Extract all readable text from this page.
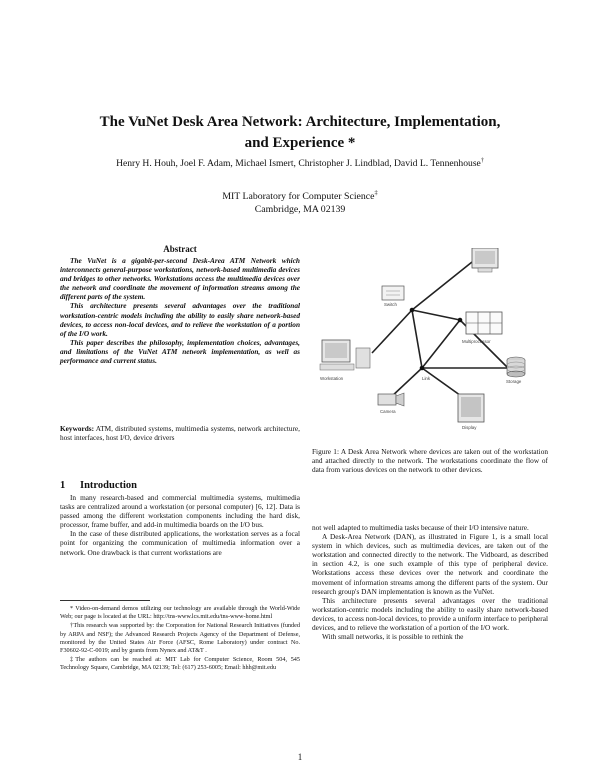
The VuNet Desk Area Network: Architecture, Implementation,
and Experience *
Henry H. Houh, Joel F. Adam, Michael Ismert, Christopher J. Lindblad, David L. Tennenhouse†
MIT Laboratory for Computer Science‡
Cambridge, MA 02139
Abstract

The VuNet is a gigabit-per-second Desk-Area ATM Network which interconnects general-purpose workstations, network-based multimedia devices and bridges to other networks. Workstations access the multimedia devices over the network and coordinate the movement of information streams among the different parts of the system.

This architecture presents several advantages over the traditional workstation-centric models including the ability to easily share network-based devices, to access non-local devices, and to relieve the workstation of a portion of the I/O work.

This paper describes the philosophy, implementation choices, advantages, and limitations of the VuNet ATM network implementation, as well as performance and current status.

Keywords: ATM, distributed systems, multimedia systems, network architecture, host interfaces, host I/O, device drivers
1 Introduction

In many research-based and commercial multimedia systems, multimedia tasks are centralized around a workstation (or personal computer) [6, 12]. Data is passed among the different workstation components including the hard disk, processor, frame buffer, and add-in multimedia boards on the I/O bus.

In the case of these distributed applications, the workstation serves as a focal point for organizing the communication of multimedia information over a network. One drawback is that current workstations are

* Video-on-demand demos utilizing our technology are available through the World-Wide Web; our page is located at the URL: http://tns-www.lcs.mit.edu/tns-www-home.html

†This research was supported by: the Corporation for National Research Initiatives (funded by ARPA and NSF); the Advanced Research Projects Agency of the Department of Defense, monitored by the United States Air Force (AFSC, Rome Laboratory) under contract No. F30602-92-C-0019; and by grants from Nynex and AT&T .

‡The authors can be reached at: MIT Lab for Computer Science, Room 504, 545 Technology Square, Cambridge, MA 02139; Tel: (617) 253-6005; Email: hhh@mit.edu

Switch
Multiprocessor
Workstation	Link
Storage
Camera
Display
Figure 1: A Desk Area Network where devices are taken out of the workstation and attached directly to the network. The workstations coordinate the flow of data from various devices on the network to other devices.

not well adapted to multimedia tasks because of their I/O intensive nature.

A Desk-Area Network (DAN), as illustrated in Figure 1, is a small local system in which devices, such as multimedia devices, are taken out of the workstation and connected directly to the network. The Vidboard, as described in section 4.2, is one such example of this type of peripheral device. Workstations access these devices over the network and coordinate the movement of information streams among the different parts of the system. Our research group's DAN implementation is known as the VuNet.

This architecture presents several advantages over the traditional workstation-centric models including the ability to easily share network-based devices, to access non-local devices, to provide a uniform interface to peripheral devices, and to relieve the workstation of a portion of the I/O work.

With small networks, it is possible to rethink the

1
